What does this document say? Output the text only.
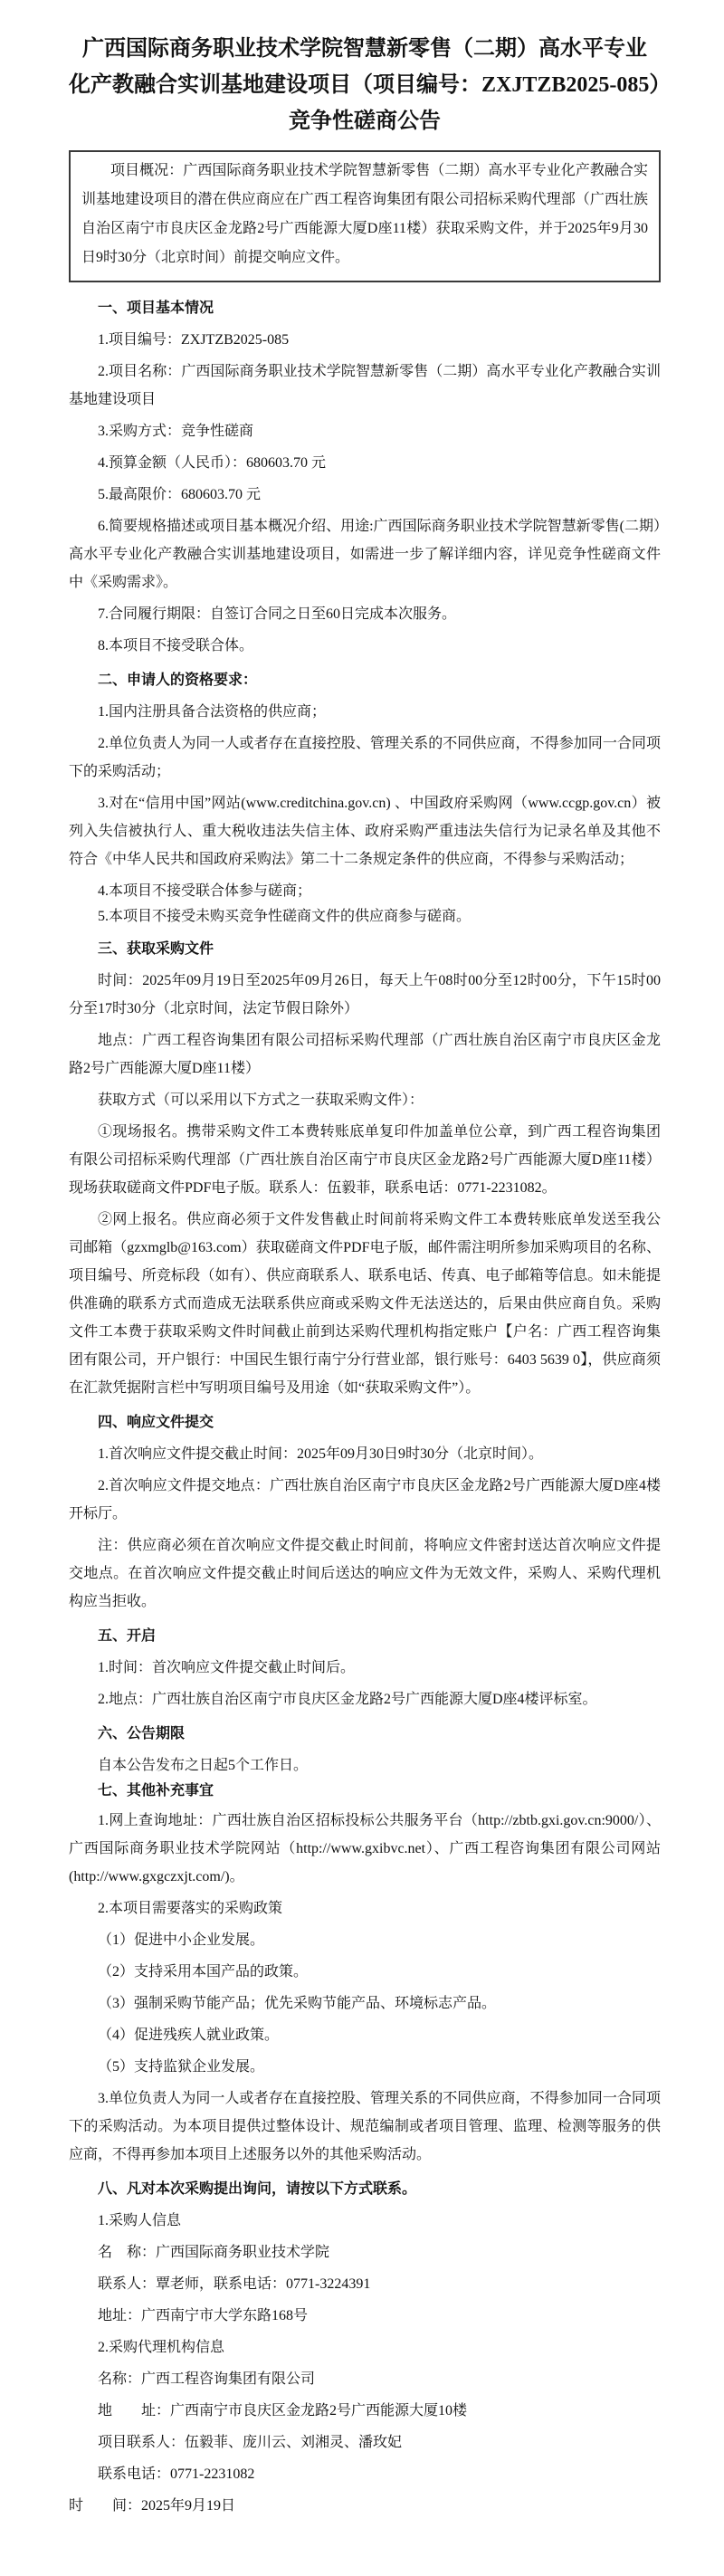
广西国际商务职业技术学院智慧新零售（二期）高水平专业
化产教融合实训基地建设项目（项目编号：ZXJTZB2025-085）
竞争性磋商公告

项目概况：广西国际商务职业技术学院智慧新零售（二期）高水平专业化产教融合实训基地建设项目的潜在供应商应在广西工程咨询集团有限公司招标采购代理部（广西壮族自治区南宁市良庆区金龙路2号广西能源大厦D座11楼）获取采购文件，并于2025年9月30日9时30分（北京时间）前提交响应文件。

一、项目基本情况

1.项目编号：ZXJTZB2025-085

2.项目名称：广西国际商务职业技术学院智慧新零售（二期）高水平专业化产教融合实训基地建设项目

3.采购方式：竞争性磋商

4.预算金额（人民币）：680603.70 元

5.最高限价：680603.70 元

6.简要规格描述或项目基本概况介绍、用途:广西国际商务职业技术学院智慧新零售(二期）高水平专业化产教融合实训基地建设项目，如需进一步了解详细内容，详见竞争性磋商文件中《采购需求》。

7.合同履行期限：自签订合同之日至60日完成本次服务。

8.本项目不接受联合体。

二、申请人的资格要求：

1.国内注册具备合法资格的供应商；

2.单位负责人为同一人或者存在直接控股、管理关系的不同供应商，不得参加同一合同项下的采购活动；

3.对在“信用中国”网站(www.creditchina.gov.cn) 、中国政府采购网（www.ccgp.gov.cn）被列入失信被执行人、重大税收违法失信主体、政府采购严重违法失信行为记录名单及其他不符合《中华人民共和国政府采购法》第二十二条规定条件的供应商，不得参与采购活动；

4.本项目不接受联合体参与磋商；

5.本项目不接受未购买竞争性磋商文件的供应商参与磋商。

三、获取采购文件

时间：2025年09月19日至2025年09月26日，每天上午08时00分至12时00分，下午15时00分至17时30分（北京时间，法定节假日除外）

地点：广西工程咨询集团有限公司招标采购代理部（广西壮族自治区南宁市良庆区金龙路2号广西能源大厦D座11楼）

获取方式（可以采用以下方式之一获取采购文件）：

①现场报名。携带采购文件工本费转账底单复印件加盖单位公章，到广西工程咨询集团有限公司招标采购代理部（广西壮族自治区南宁市良庆区金龙路2号广西能源大厦D座11楼）现场获取磋商文件PDF电子版。联系人：伍毅菲，联系电话：0771-2231082。

②网上报名。供应商必须于文件发售截止时间前将采购文件工本费转账底单发送至我公司邮箱（gzxmglb@163.com）获取磋商文件PDF电子版，邮件需注明所参加采购项目的名称、项目编号、所竞标段（如有）、供应商联系人、联系电话、传真、电子邮箱等信息。如未能提供准确的联系方式而造成无法联系供应商或采购文件无法送达的，后果由供应商自负。采购文件工本费于获取采购文件时间截止前到达采购代理机构指定账户【户名：广西工程咨询集团有限公司，开户银行：中国民生银行南宁分行营业部，银行账号：6403 5639 0】，供应商须在汇款凭据附言栏中写明项目编号及用途（如“获取采购文件”）。

四、响应文件提交

1.首次响应文件提交截止时间：2025年09月30日9时30分（北京时间）。

2.首次响应文件提交地点：广西壮族自治区南宁市良庆区金龙路2号广西能源大厦D座4楼开标厅。

注：供应商必须在首次响应文件提交截止时间前，将响应文件密封送达首次响应文件提交地点。在首次响应文件提交截止时间后送达的响应文件为无效文件，采购人、采购代理机构应当拒收。

五、开启

1.时间：首次响应文件提交截止时间后。

2.地点：广西壮族自治区南宁市良庆区金龙路2号广西能源大厦D座4楼评标室。

六、公告期限

自本公告发布之日起5个工作日。

七、其他补充事宜

1.网上查询地址：广西壮族自治区招标投标公共服务平台（http://zbtb.gxi.gov.cn:9000/）、广西国际商务职业技术学院网站（http://www.gxibvc.net）、广西工程咨询集团有限公司网站(http://www.gxgczxjt.com/)。

2.本项目需要落实的采购政策

（1）促进中小企业发展。

（2）支持采用本国产品的政策。

（3）强制采购节能产品；优先采购节能产品、环境标志产品。

（4）促进残疾人就业政策。

（5）支持监狱企业发展。

3.单位负责人为同一人或者存在直接控股、管理关系的不同供应商，不得参加同一合同项下的采购活动。为本项目提供过整体设计、规范编制或者项目管理、监理、检测等服务的供应商，不得再参加本项目上述服务以外的其他采购活动。

八、凡对本次采购提出询问，请按以下方式联系。

1.采购人信息

名　称：广西国际商务职业技术学院

联系人：覃老师，联系电话：0771-3224391

地址：广西南宁市大学东路168号

2.采购代理机构信息

名称：广西工程咨询集团有限公司

地　　址：广西南宁市良庆区金龙路2号广西能源大厦10楼

项目联系人：伍毅菲、庞川云、刘湘灵、潘玫妃

联系电话：0771-2231082

时　　间：2025年9月19日
